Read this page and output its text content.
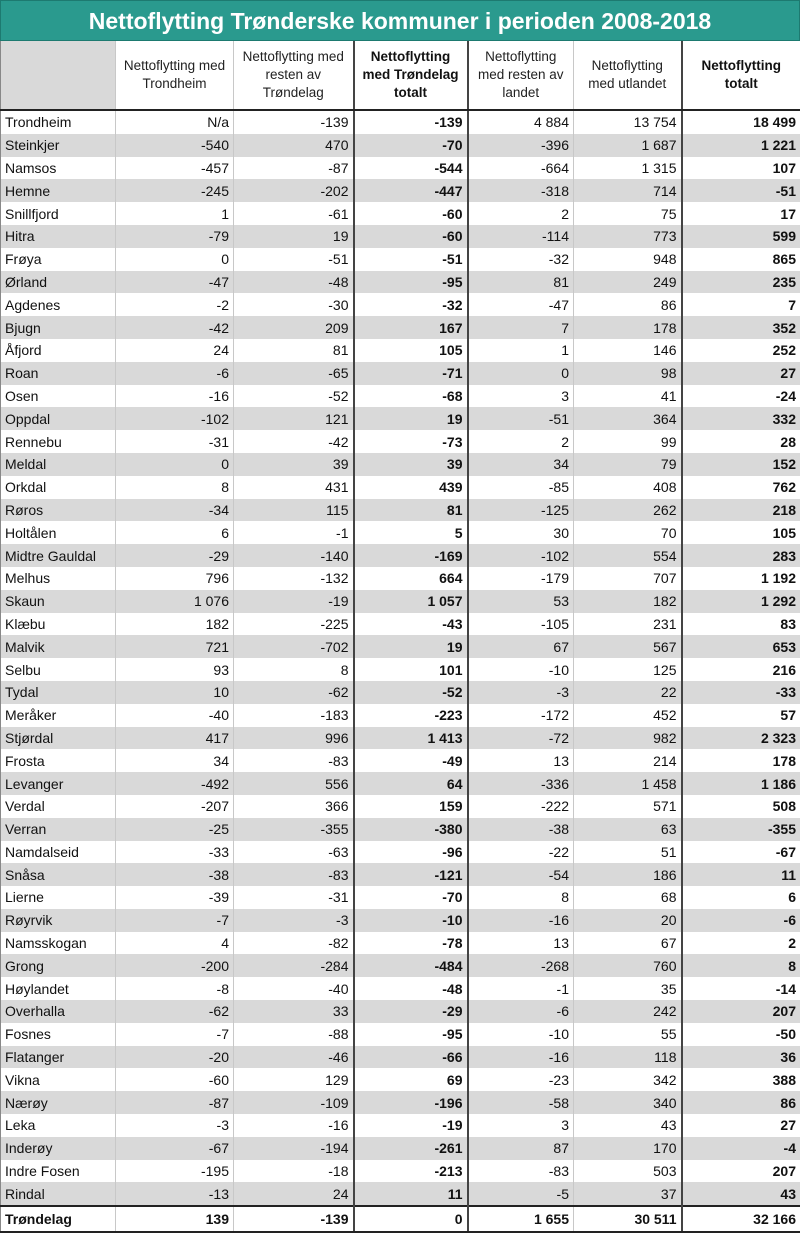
Nettoflytting Trønderske kommuner i perioden 2008-2018
	Nettoflytting med Trondheim	Nettoflytting med resten av Trøndelag	Nettoflytting med Trøndelag totalt	Nettoflytting med resten av landet	Nettoflytting med utlandet	Nettoflytting totalt
Trondheim	N/a	-139	-139	4 884	13 754	18 499
Steinkjer	-540	470	-70	-396	1 687	1 221
Namsos	-457	-87	-544	-664	1 315	107
Hemne	-245	-202	-447	-318	714	-51
Snillfjord	1	-61	-60	2	75	17
Hitra	-79	19	-60	-114	773	599
Frøya	0	-51	-51	-32	948	865
Ørland	-47	-48	-95	81	249	235
Agdenes	-2	-30	-32	-47	86	7
Bjugn	-42	209	167	7	178	352
Åfjord	24	81	105	1	146	252
Roan	-6	-65	-71	0	98	27
Osen	-16	-52	-68	3	41	-24
Oppdal	-102	121	19	-51	364	332
Rennebu	-31	-42	-73	2	99	28
Meldal	0	39	39	34	79	152
Orkdal	8	431	439	-85	408	762
Røros	-34	115	81	-125	262	218
Holtålen	6	-1	5	30	70	105
Midtre Gauldal	-29	-140	-169	-102	554	283
Melhus	796	-132	664	-179	707	1 192
Skaun	1 076	-19	1 057	53	182	1 292
Klæbu	182	-225	-43	-105	231	83
Malvik	721	-702	19	67	567	653
Selbu	93	8	101	-10	125	216
Tydal	10	-62	-52	-3	22	-33
Meråker	-40	-183	-223	-172	452	57
Stjørdal	417	996	1 413	-72	982	2 323
Frosta	34	-83	-49	13	214	178
Levanger	-492	556	64	-336	1 458	1 186
Verdal	-207	366	159	-222	571	508
Verran	-25	-355	-380	-38	63	-355
Namdalseid	-33	-63	-96	-22	51	-67
Snåsa	-38	-83	-121	-54	186	11
Lierne	-39	-31	-70	8	68	6
Røyrvik	-7	-3	-10	-16	20	-6
Namsskogan	4	-82	-78	13	67	2
Grong	-200	-284	-484	-268	760	8
Høylandet	-8	-40	-48	-1	35	-14
Overhalla	-62	33	-29	-6	242	207
Fosnes	-7	-88	-95	-10	55	-50
Flatanger	-20	-46	-66	-16	118	36
Vikna	-60	129	69	-23	342	388
Nærøy	-87	-109	-196	-58	340	86
Leka	-3	-16	-19	3	43	27
Inderøy	-67	-194	-261	87	170	-4
Indre Fosen	-195	-18	-213	-83	503	207
Rindal	-13	24	11	-5	37	43
Trøndelag	139	-139	0	1 655	30 511	32 166
